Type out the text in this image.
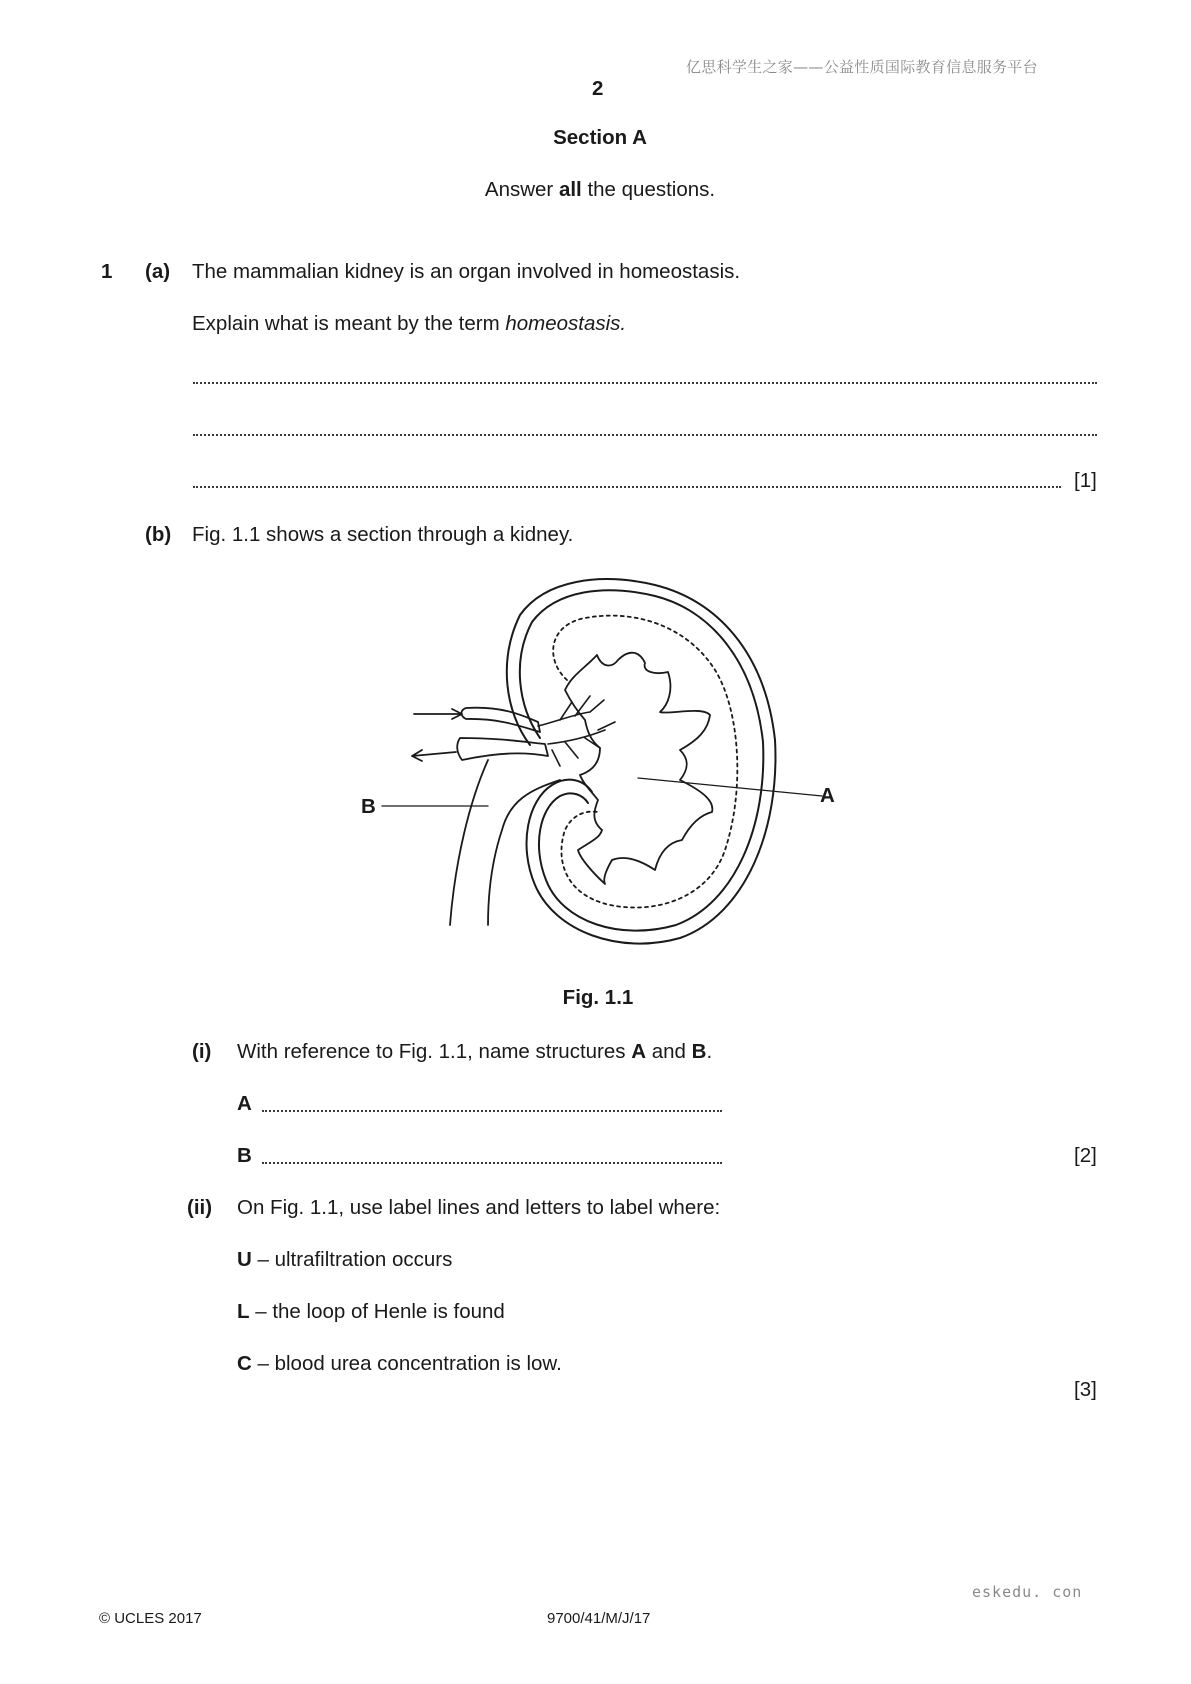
亿思科学生之家——公益性质国际教育信息服务平台
2
Section A
Answer all the questions.
1 (a) The mammalian kidney is an organ involved in homeostasis.
Explain what is meant by the term homeostasis.
[1]
(b) Fig. 1.1 shows a section through a kidney.
A
B
Fig. 1.1
(i) With reference to Fig. 1.1, name structures A and B.
A
B	[2]
(ii) On Fig. 1.1, use label lines and letters to label where:
U – ultrafiltration occurs
L – the loop of Henle is found
C – blood urea concentration is low.
[3]
eskedu. con
© UCLES 2017	9700/41/M/J/17
